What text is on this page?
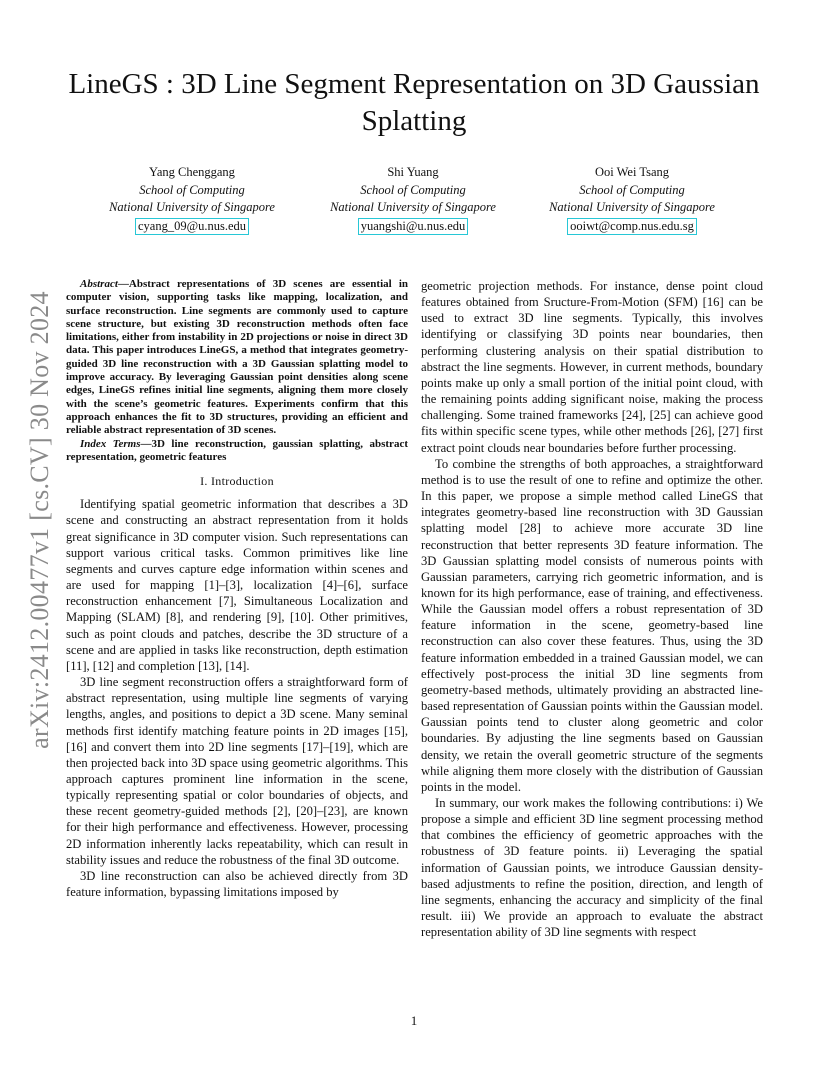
LineGS : 3D Line Segment Representation on 3D Gaussian Splatting
Yang Chenggang
School of Computing
National University of Singapore
cyang_09@u.nus.edu
Shi Yuang
School of Computing
National University of Singapore
yuangshi@u.nus.edu
Ooi Wei Tsang
School of Computing
National University of Singapore
ooiwt@comp.nus.edu.sg
arXiv:2412.00477v1 [cs.CV] 30 Nov 2024

Abstract—Abstract representations of 3D scenes are essential in computer vision, supporting tasks like mapping, localization, and surface reconstruction. Line segments are commonly used to capture scene structure, but existing 3D reconstruction methods often face limitations, either from instability in 2D projections or noise in direct 3D data. This paper introduces LineGS, a method that integrates geometry-guided 3D line reconstruction with a 3D Gaussian splatting model to improve accuracy. By leveraging Gaussian point densities along scene edges, LineGS refines initial line segments, aligning them more closely with the scene’s geometric features. Experiments confirm that this approach enhances the fit to 3D structures, providing an efficient and reliable abstract representation of 3D scenes.

Index Terms—3D line reconstruction, gaussian splatting, abstract representation, geometric features

I. Introduction

Identifying spatial geometric information that describes a 3D scene and constructing an abstract representation from it holds great significance in 3D computer vision. Such representations can support various critical tasks. Common primitives like line segments and curves capture edge information within scenes and are used for mapping [1]–[3], localization [4]–[6], surface reconstruction enhancement [7], Simultaneous Localization and Mapping (SLAM) [8], and rendering [9], [10]. Other primitives, such as point clouds and patches, describe the 3D structure of a scene and are applied in tasks like reconstruction, depth estimation [11], [12] and completion [13], [14].

3D line segment reconstruction offers a straightforward form of abstract representation, using multiple line segments of varying lengths, angles, and positions to depict a 3D scene. Many seminal methods first identify matching feature points in 2D images [15], [16] and convert them into 2D line segments [17]–[19], which are then projected back into 3D space using geometric algorithms. This approach captures prominent line information in the scene, typically representing spatial or color boundaries of objects, and these recent geometry-guided methods [2], [20]–[23], are known for their high performance and effectiveness. However, processing 2D information inherently lacks repeatability, which can result in stability issues and reduce the robustness of the final 3D outcome.

3D line reconstruction can also be achieved directly from 3D feature information, bypassing limitations imposed by

geometric projection methods. For instance, dense point cloud features obtained from Sructure-From-Motion (SFM) [16] can be used to extract 3D line segments. Typically, this involves identifying or classifying 3D points near boundaries, then performing clustering analysis on their spatial distribution to abstract the line segments. However, in current methods, boundary points make up only a small portion of the initial point cloud, with the remaining points adding significant noise, making the process challenging. Some trained frameworks [24], [25] can achieve good fits within specific scene types, while other methods [26], [27] first extract point clouds near boundaries before further processing.

To combine the strengths of both approaches, a straightforward method is to use the result of one to refine and optimize the other. In this paper, we propose a simple method called LineGS that integrates geometry-based line reconstruction with 3D Gaussian splatting model [28] to achieve more accurate 3D line reconstruction that better represents 3D feature information. The 3D Gaussian splatting model consists of numerous points with Gaussian parameters, carrying rich geometric information, and is known for its high performance, ease of training, and effectiveness. While the Gaussian model offers a robust representation of 3D feature information in the scene, geometry-based line reconstruction can also cover these features. Thus, using the 3D feature information embedded in a trained Gaussian model, we can effectively post-process the initial 3D line segments from geometry-based methods, ultimately providing an abstracted line-based representation of Gaussian points within the Gaussian model. Gaussian points tend to cluster along geometric and color boundaries. By adjusting the line segments based on Gaussian density, we retain the overall geometric structure of the segments while aligning them more closely with the distribution of Gaussian points in the model.

In summary, our work makes the following contributions: i) We propose a simple and efficient 3D line segment processing method that combines the efficiency of geometric approaches with the robustness of 3D feature points. ii) Leveraging the spatial information of Gaussian points, we introduce Gaussian density-based adjustments to refine the position, direction, and length of line segments, enhancing the accuracy and simplicity of the final result. iii) We provide an approach to evaluate the abstract representation ability of 3D line segments with respect

1
